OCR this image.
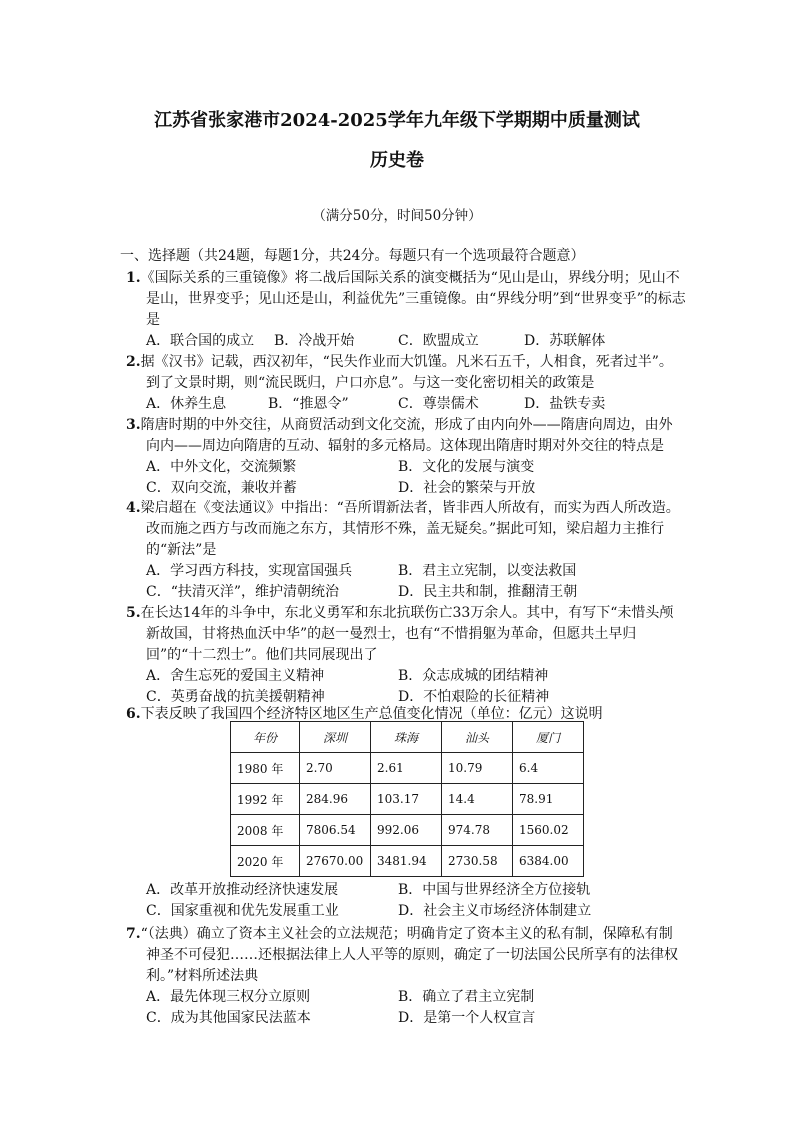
江苏省张家港市2024-2025学年九年级下学期期中质量测试
历史卷
（满分50分，时间50分钟）
一、选择题（共24题，每题1分，共24分。每题只有一个选项最符合题意）
1.《国际关系的三重镜像》将二战后国际关系的演变概括为“见山是山，界线分明；见山不是山，世界变乎；见山还是山，利益优先”三重镜像。由“界线分明”到“世界变乎”的标志是
A．联合国的成立 B．冷战开始	C．欧盟成立	D．苏联解体
2.据《汉书》记载，西汉初年，“民失作业而大饥馑。凡米石五千，人相食，死者过半”。到了文景时期，则“流民既归，户口亦息”。与这一变化密切相关的政策是
A．休养生息	B．“推恩令”	C．尊崇儒术	D．盐铁专卖
3.隋唐时期的中外交往，从商贸活动到文化交流，形成了由内向外——隋唐向周边，由外向内——周边向隋唐的互动、辐射的多元格局。这体现出隋唐时期对外交往的特点是
A．中外文化，交流频繁	B．文化的发展与演变
C．双向交流，兼收并蓄	D．社会的繁荣与开放
4.梁启超在《变法通议》中指出：“吾所谓新法者，皆非西人所故有，而实为西人所改造。改而施之西方与改而施之东方，其情形不殊，盖无疑矣。”据此可知，梁启超力主推行的“新法”是
A．学习西方科技，实现富国强兵	B．君主立宪制，以变法救国
C．“扶清灭洋”，维护清朝统治	D．民主共和制，推翻清王朝
5.在长达14年的斗争中，东北义勇军和东北抗联伤亡33万余人。其中，有写下“未惜头颅新故国，甘将热血沃中华”的赵一曼烈士，也有“不惜捐躯为革命，但愿共土早归回”的“十二烈士”。他们共同展现出了
A．舍生忘死的爱国主义精神	B．众志成城的团结精神
C．英勇奋战的抗美援朝精神	D．不怕艰险的长征精神
6.下表反映了我国四个经济特区地区生产总值变化情况（单位：亿元）这说明
年份	深圳	珠海	汕头	厦门
1980 年	2.70	2.61	10.79	6.4
1992 年	284.96	103.17	14.4	78.91
2008 年	7806.54	992.06	974.78	1560.02
2020 年	27670.00	3481.94	2730.58	6384.00
A．改革开放推动经济快速发展	B．中国与世界经济全方位接轨
C．国家重视和优先发展重工业	D．社会主义市场经济体制建立
7.“（法典）确立了资本主义社会的立法规范；明确肯定了资本主义的私有制，保障私有制神圣不可侵犯……还根据法律上人人平等的原则，确定了一切法国公民所享有的法律权利。”材料所述法典
A．最先体现三权分立原则	B．确立了君主立宪制
C．成为其他国家民法蓝本	D．是第一个人权宣言
